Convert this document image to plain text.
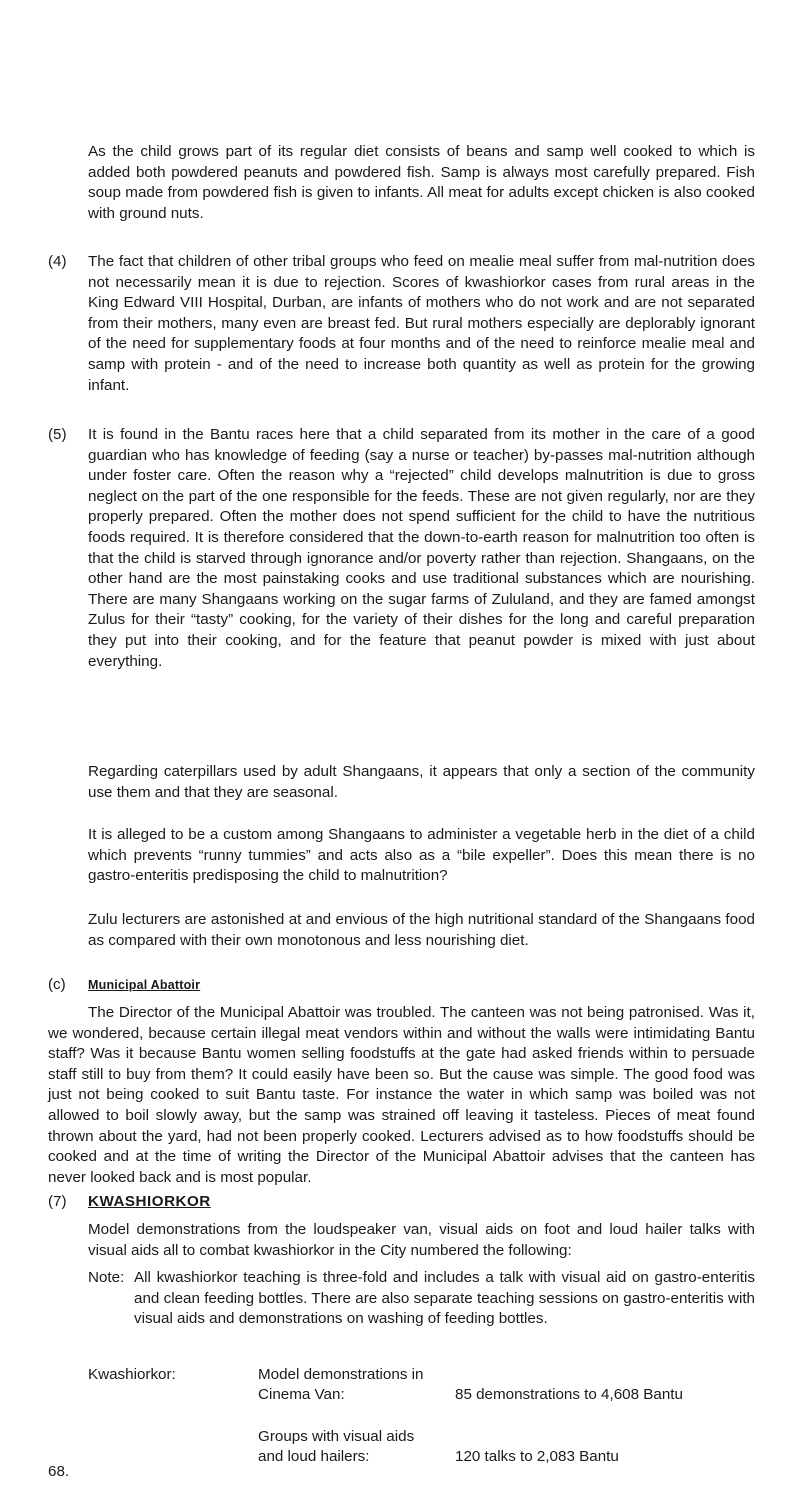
As the child grows part of its regular diet consists of beans and samp well cooked to which is added both powdered peanuts and powdered fish. Samp is always most carefully prepared. Fish soup made from powdered fish is given to infants. All meat for adults except chicken is also cooked with ground nuts.

(4) The fact that children of other tribal groups who feed on mealie meal suffer from mal-nutrition does not necessarily mean it is due to rejection. Scores of kwashiorkor cases from rural areas in the King Edward VIII Hospital, Durban, are infants of mothers who do not work and are not separated from their mothers, many even are breast fed. But rural mothers especially are deplorably ignorant of the need for supplementary foods at four months and of the need to reinforce mealie meal and samp with protein - and of the need to increase both quantity as well as protein for the growing infant.

(5) It is found in the Bantu races here that a child separated from its mother in the care of a good guardian who has knowledge of feeding (say a nurse or teacher) by-passes mal-nutrition although under foster care. Often the reason why a “rejected” child develops malnutrition is due to gross neglect on the part of the one responsible for the feeds. These are not given regularly, nor are they properly prepared. Often the mother does not spend sufficient for the child to have the nutritious foods required. It is therefore considered that the down-to-earth reason for malnutrition too often is that the child is starved through ignorance and/or poverty rather than rejection. Shangaans, on the other hand are the most painstaking cooks and use traditional substances which are nourishing. There are many Shangaans working on the sugar farms of Zululand, and they are famed amongst Zulus for their “tasty” cooking, for the variety of their dishes for the long and careful preparation they put into their cooking, and for the feature that peanut powder is mixed with just about everything.

Regarding caterpillars used by adult Shangaans, it appears that only a section of the community use them and that they are seasonal.

It is alleged to be a custom among Shangaans to administer a vegetable herb in the diet of a child which prevents “runny tummies” and acts also as a “bile expeller”. Does this mean there is no gastro-enteritis predisposing the child to malnutrition?

Zulu lecturers are astonished at and envious of the high nutritional standard of the Shangaans food as compared with their own monotonous and less nourishing diet.

(c) Municipal Abattoir

The Director of the Municipal Abattoir was troubled. The canteen was not being patronised. Was it, we wondered, because certain illegal meat vendors within and without the walls were intimidating Bantu staff? Was it because Bantu women selling foodstuffs at the gate had asked friends within to persuade staff still to buy from them? It could easily have been so. But the cause was simple. The good food was just not being cooked to suit Bantu taste. For instance the water in which samp was boiled was not allowed to boil slowly away, but the samp was strained off leaving it tasteless. Pieces of meat found thrown about the yard, had not been properly cooked. Lecturers advised as to how foodstuffs should be cooked and at the time of writing the Director of the Municipal Abattoir advises that the canteen has never looked back and is most popular.

(7) KWASHIORKOR

Model demonstrations from the loudspeaker van, visual aids on foot and loud hailer talks with visual aids all to combat kwashiorkor in the City numbered the following:

Note: All kwashiorkor teaching is three-fold and includes a talk with visual aid on gastro-enteritis and clean feeding bottles. There are also separate teaching sessions on gastro-enteritis with visual aids and demonstrations on washing of feeding bottles.

Kwashiorkor:	Model demonstrations in

Cinema Van:	85 demonstrations to 4,608 Bantu

Groups with visual aids

and loud hailers:	120 talks to 2,083 Bantu

68.
